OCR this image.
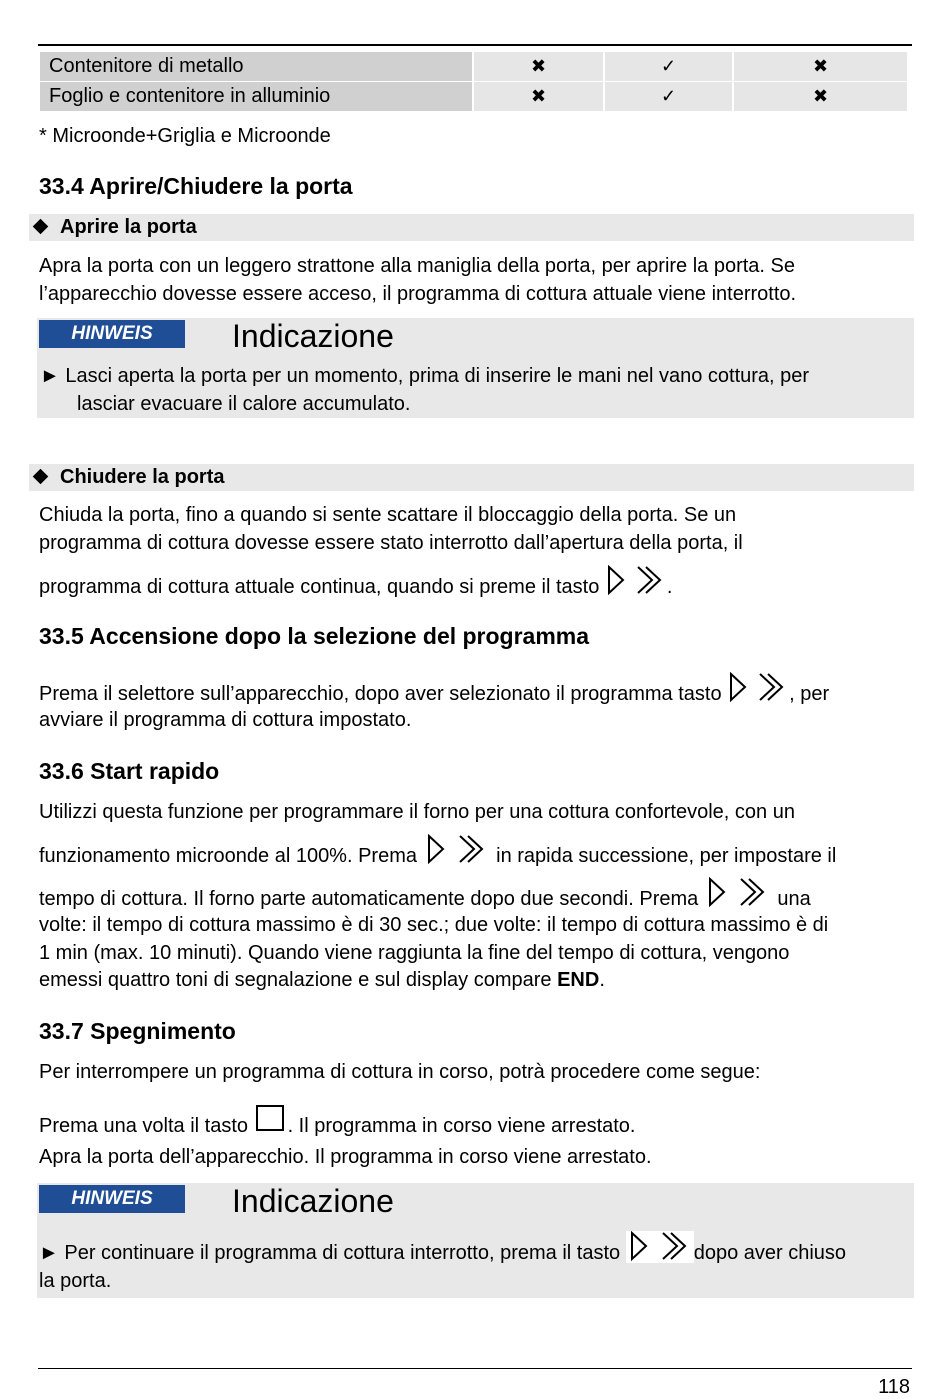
Contenitore di metallo	✖	✓	✖
Foglio e contenitore in alluminio	✖	✓	✖

* Microonde+Griglia e Microonde

33.4 Aprire/Chiudere la porta
Aprire la porta

Apra la porta con un leggero strattone alla maniglia della porta, per aprire la porta. Se l’apparecchio dovesse essere acceso, il programma di cottura attuale viene interrotto.

HINWEIS	Indicazione
► Lasci aperta la porta per un momento, prima di inserire le mani nel vano cottura, per
lasciar evacuare il calore accumulato.
Chiudere la porta

Chiuda la porta, fino a quando si sente scattare il bloccaggio della porta. Se un

programma di cottura dovesse essere stato interrotto dall’apertura della porta, il

programma di cottura attuale continua, quando si preme il tasto	.

33.5 Accensione dopo la selezione del programma

Prema il selettore sull’apparecchio, dopo aver selezionato il programma tasto	, per

avviare il programma di cottura impostato.

33.6 Start rapido

Utilizzi questa funzione per programmare il forno per una cottura confortevole, con un

funzionamento microonde al 100%. Prema	in rapida successione, per impostare il

tempo di cottura. Il forno parte automaticamente dopo due secondi. Prema	una

volte: il tempo di cottura massimo è di 30 sec.; due volte: il tempo di cottura massimo è di

1 min (max. 10 minuti). Quando viene raggiunta la fine del tempo di cottura, vengono

emessi quattro toni di segnalazione e sul display compare END.

33.7 Spegnimento

Per interrompere un programma di cottura in corso, potrà procedere come segue:

Prema una volta il tasto . Il programma in corso viene arrestato.

Apra la porta dell’apparecchio. Il programma in corso viene arrestato.

HINWEIS	Indicazione
► Per continuare il programma di cottura interrotto, prema il tasto	dopo aver chiuso
la porta.
118
